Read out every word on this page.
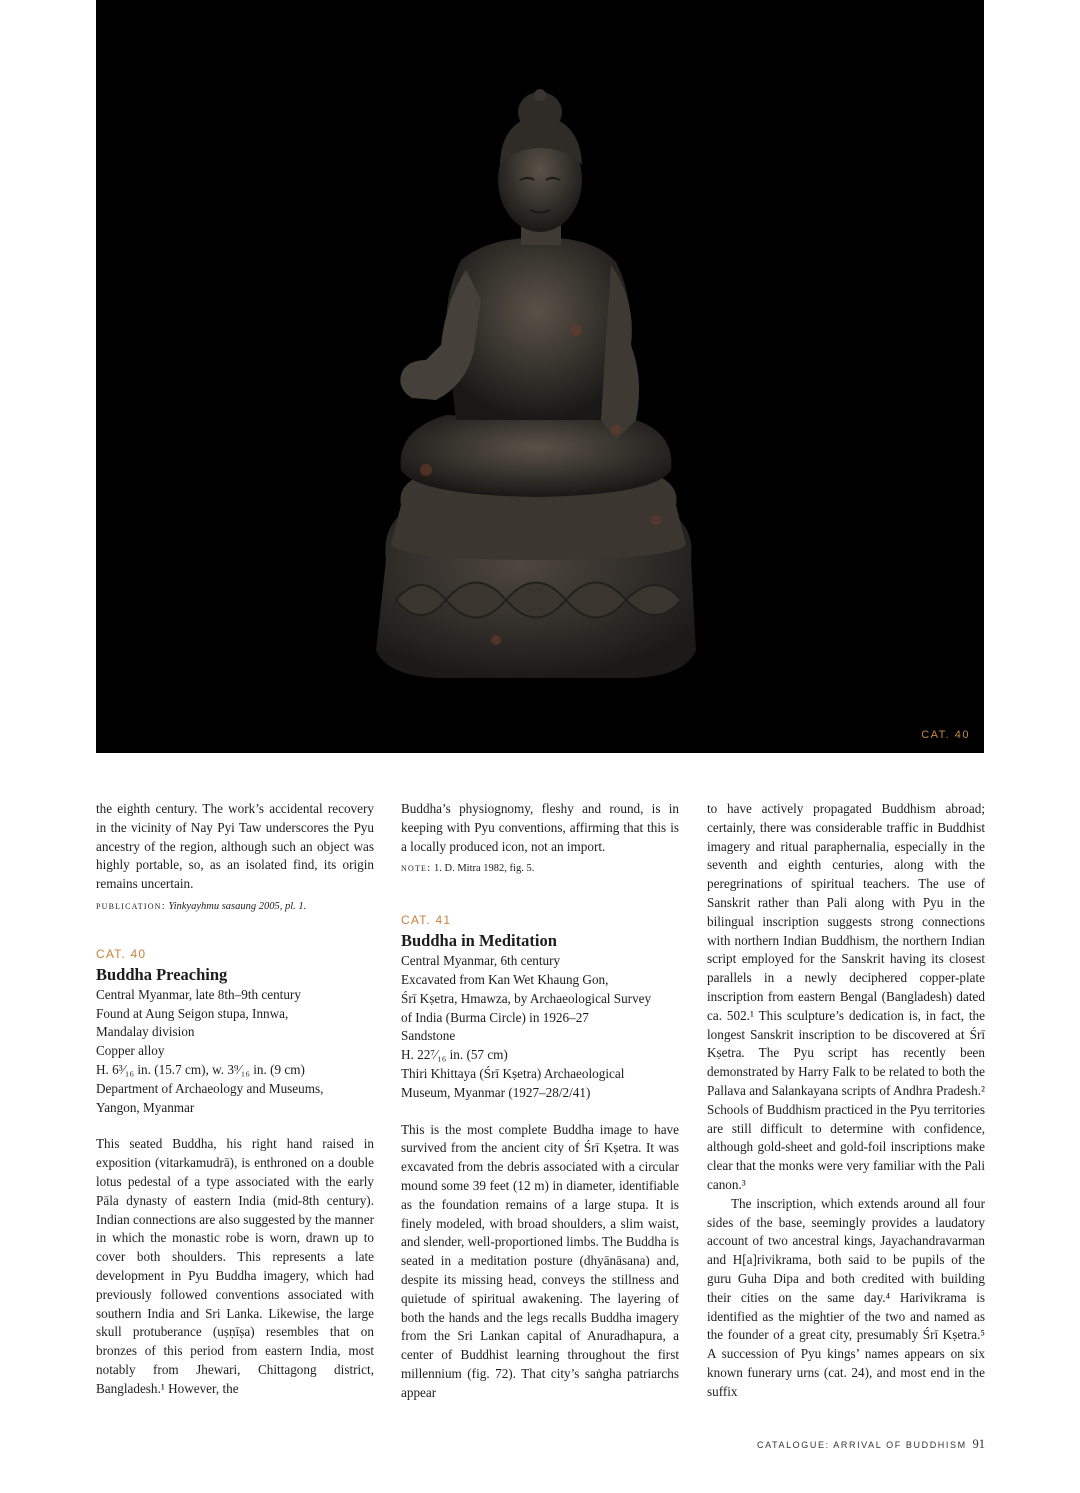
CAT. 40

the eighth century. The work’s accidental recovery in the vicinity of Nay Pyi Taw underscores the Pyu ancestry of the region, although such an object was highly portable, so, as an isolated find, its origin remains uncertain.

publication: Yinkyayhmu sasaung 2005, pl. 1.
CAT. 40
Buddha Preaching
Central Myanmar, late 8th–9th century
Found at Aung Seigon stupa, Innwa,
Mandalay division
Copper alloy
H. 6³⁄₁₆ in. (15.7 cm), w. 3⁹⁄₁₆ in. (9 cm)
Department of Archaeology and Museums,
Yangon, Myanmar

This seated Buddha, his right hand raised in exposition (vitarkamudrā), is enthroned on a double lotus pedestal of a type associated with the early Pāla dynasty of eastern India (mid-8th century). Indian connections are also suggested by the manner in which the monastic robe is worn, drawn up to cover both shoulders. This represents a late development in Pyu Buddha imagery, which had previously followed conventions associated with southern India and Sri Lanka. Likewise, the large skull protuberance (uṣṇīṣa) resembles that on bronzes of this period from eastern India, most notably from Jhewari, Chittagong district, Bangladesh.¹ However, the

Buddha’s physiognomy, fleshy and round, is in keeping with Pyu conventions, affirming that this is a locally produced icon, not an import.

note: 1. D. Mitra 1982, fig. 5.
CAT. 41
Buddha in Meditation
Central Myanmar, 6th century
Excavated from Kan Wet Khaung Gon,
Śrī Kṣetra, Hmawza, by Archaeological Survey
of India (Burma Circle) in 1926–27
Sandstone
H. 22⁷⁄₁₆ in. (57 cm)
Thiri Khittaya (Śrī Kṣetra) Archaeological
Museum, Myanmar (1927–28/2/41)

This is the most complete Buddha image to have survived from the ancient city of Śrī Kṣetra. It was excavated from the debris associated with a circular mound some 39 feet (12 m) in diameter, identifiable as the foundation remains of a large stupa. It is finely modeled, with broad shoulders, a slim waist, and slender, well-proportioned limbs. The Buddha is seated in a meditation posture (dhyānāsana) and, despite its missing head, conveys the stillness and quietude of spiritual awakening. The layering of both the hands and the legs recalls Buddha imagery from the Sri Lankan capital of Anuradhapura, a center of Buddhist learning throughout the first millennium (fig. 72). That city’s saṅgha patriarchs appear

to have actively propagated Buddhism abroad; certainly, there was considerable traffic in Buddhist imagery and ritual paraphernalia, especially in the seventh and eighth centuries, along with the peregrinations of spiritual teachers. The use of Sanskrit rather than Pali along with Pyu in the bilingual inscription suggests strong connections with northern Indian Buddhism, the northern Indian script employed for the Sanskrit having its closest parallels in a newly deciphered copper-plate inscription from eastern Bengal (Bangladesh) dated ca. 502.¹ This sculpture’s dedication is, in fact, the longest Sanskrit inscription to be discovered at Śrī Kṣetra. The Pyu script has recently been demonstrated by Harry Falk to be related to both the Pallava and Salankayana scripts of Andhra Pradesh.² Schools of Buddhism practiced in the Pyu territories are still difficult to determine with confidence, although gold-sheet and gold-foil inscriptions make clear that the monks were very familiar with the Pali canon.³

The inscription, which extends around all four sides of the base, seemingly provides a laudatory account of two ancestral kings, Jayachandravarman and H[a]rivikrama, both said to be pupils of the guru Guha Dipa and both credited with building their cities on the same day.⁴ Harivikrama is identified as the mightier of the two and named as the founder of a great city, presumably Śrī Kṣetra.⁵ A succession of Pyu kings’ names appears on six known funerary urns (cat. 24), and most end in the suffix

CATALOGUE: ARRIVAL OF BUDDHISM 91
